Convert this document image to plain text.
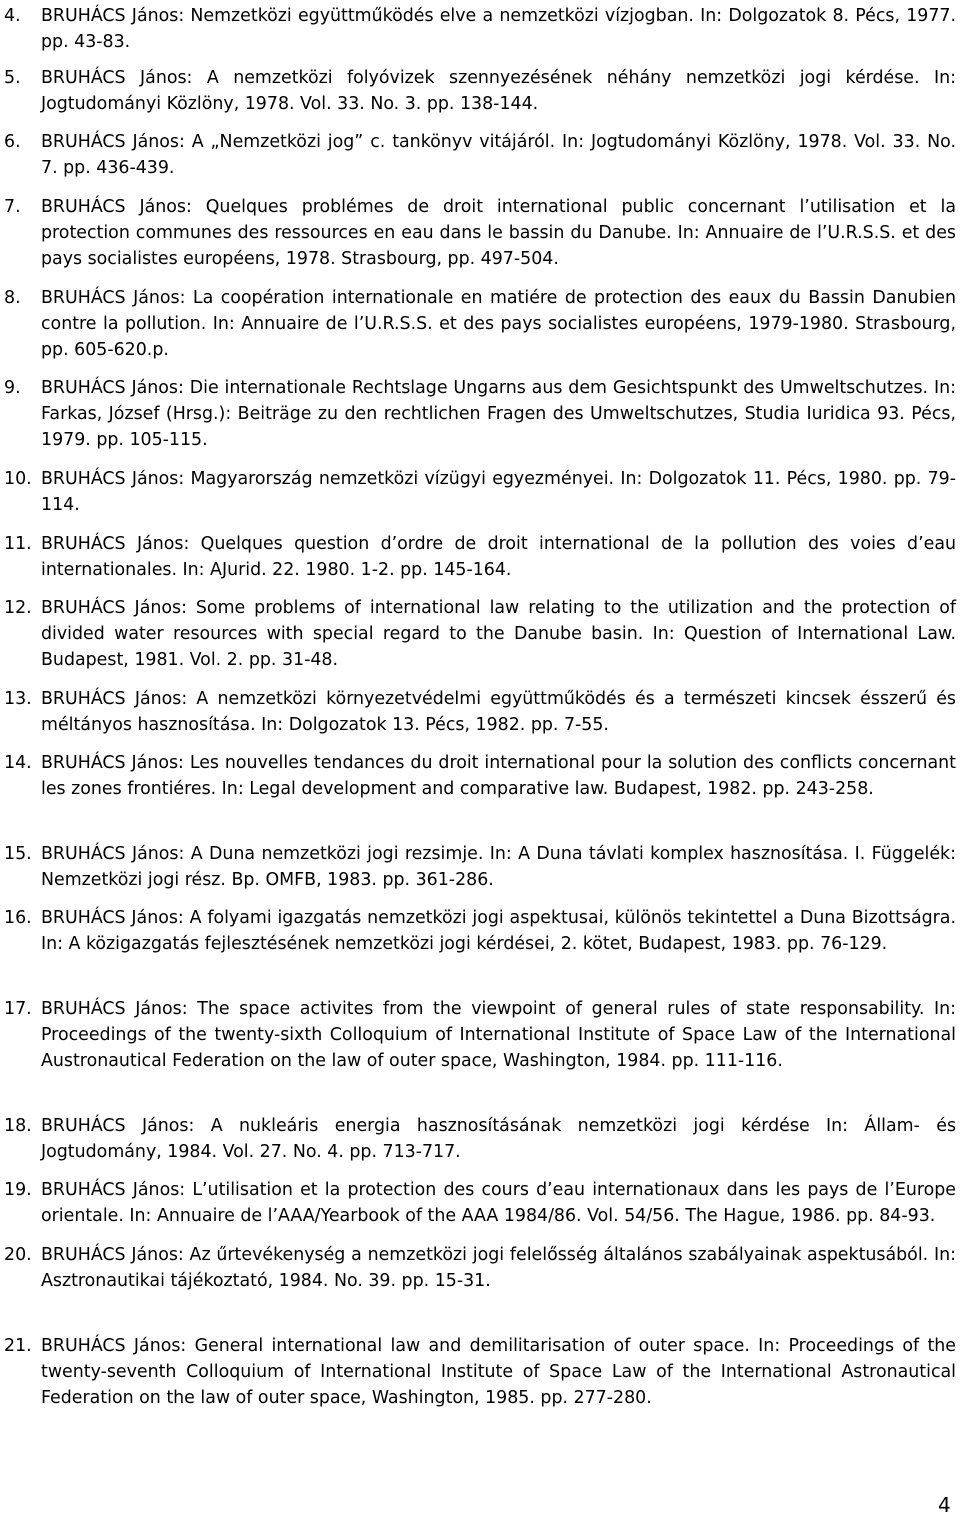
4. BRUHÁCS János: Nemzetközi együttműködés elve a nemzetközi vízjogban. In: Dolgozatok 8. Pécs, 1977. pp. 43-83.
5. BRUHÁCS János: A nemzetközi folyóvizek szennyezésének néhány nemzetközi jogi kérdése. In: Jogtudományi Közlöny, 1978. Vol. 33. No. 3. pp. 138-144.
6. BRUHÁCS János: A „Nemzetközi jog” c. tankönyv vitájáról. In: Jogtudományi Közlöny, 1978. Vol. 33. No. 7. pp. 436-439.
7. BRUHÁCS János: Quelques problémes de droit international public concernant l’utilisation et la protection communes des ressources en eau dans le bassin du Danube. In: Annuaire de l’U.R.S.S. et des pays socialistes européens, 1978. Strasbourg, pp. 497-504.
8. BRUHÁCS János: La coopération internationale en matiére de protection des eaux du Bassin Danubien contre la pollution. In: Annuaire de l’U.R.S.S. et des pays socialistes européens, 1979-1980. Strasbourg, pp. 605-620.p.
9. BRUHÁCS János: Die internationale Rechtslage Ungarns aus dem Gesichtspunkt des Umweltschutzes. In: Farkas, József (Hrsg.): Beiträge zu den rechtlichen Fragen des Umweltschutzes, Studia Iuridica 93. Pécs, 1979. pp. 105-115.
10. BRUHÁCS János: Magyarország nemzetközi vízügyi egyezményei. In: Dolgozatok 11. Pécs, 1980. pp. 79-114.
11. BRUHÁCS János: Quelques question d’ordre de droit international de la pollution des voies d’eau internationales. In: AJurid. 22. 1980. 1-2. pp. 145-164.
12. BRUHÁCS János: Some problems of international law relating to the utilization and the protection of divided water resources with special regard to the Danube basin. In: Question of International Law. Budapest, 1981. Vol. 2. pp. 31-48.
13. BRUHÁCS János: A nemzetközi környezetvédelmi együttműködés és a természeti kincsek ésszerű és méltányos hasznosítása. In: Dolgozatok 13. Pécs, 1982. pp. 7-55.
14. BRUHÁCS János: Les nouvelles tendances du droit international pour la solution des conflicts concernant les zones frontiéres. In: Legal development and comparative law. Budapest, 1982. pp. 243-258.
15. BRUHÁCS János: A Duna nemzetközi jogi rezsimje. In: A Duna távlati komplex hasznosítása. I. Függelék: Nemzetközi jogi rész. Bp. OMFB, 1983. pp. 361-286.
16. BRUHÁCS János: A folyami igazgatás nemzetközi jogi aspektusai, különös tekintettel a Duna Bizottságra. In: A közigazgatás fejlesztésének nemzetközi jogi kérdései, 2. kötet, Budapest, 1983. pp. 76-129.
17. BRUHÁCS János: The space activites from the viewpoint of general rules of state responsability. In: Proceedings of the twenty-sixth Colloquium of International Institute of Space Law of the International Austronautical Federation on the law of outer space, Washington, 1984. pp. 111-116.
18. BRUHÁCS János: A nukleáris energia hasznosításának nemzetközi jogi kérdése In: Állam- és Jogtudomány, 1984. Vol. 27. No. 4. pp. 713-717.
19. BRUHÁCS János: L’utilisation et la protection des cours d’eau internationaux dans les pays de l’Europe orientale. In: Annuaire de l’AAA/Yearbook of the AAA 1984/86. Vol. 54/56. The Hague, 1986. pp. 84-93.
20. BRUHÁCS János: Az űrtevékenység a nemzetközi jogi felelősség általános szabályainak aspektusából. In: Asztronautikai tájékoztató, 1984. No. 39. pp. 15-31.
21. BRUHÁCS János: General international law and demilitarisation of outer space. In: Proceedings of the twenty-seventh Colloquium of International Institute of Space Law of the International Astronautical Federation on the law of outer space, Washington, 1985. pp. 277-280.
4
